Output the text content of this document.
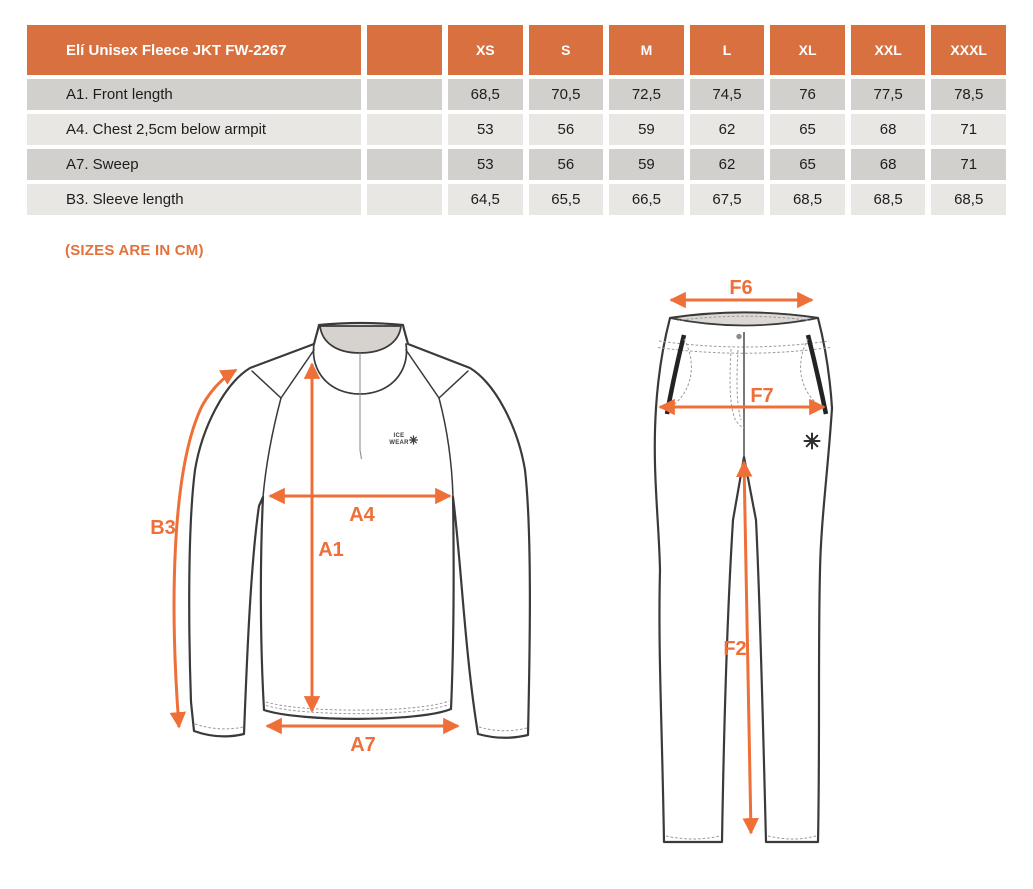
Elí Unisex Fleece JKT FW-2267	XS	S	M	L	XL	XXL	XXXL
A1. Front length	68,5	70,5	72,5	74,5	76	77,5	78,5
A4. Chest 2,5cm below armpit	53	56	59	62	65	68	71
A7. Sweep	53	56	59	62	65	68	71
B3. Sleeve length	64,5	65,5	66,5	67,5	68,5	68,5	68,5
(SIZES ARE IN CM)
ICE
WEAR
B3
A4
A1
A7
F6
F7
F2
